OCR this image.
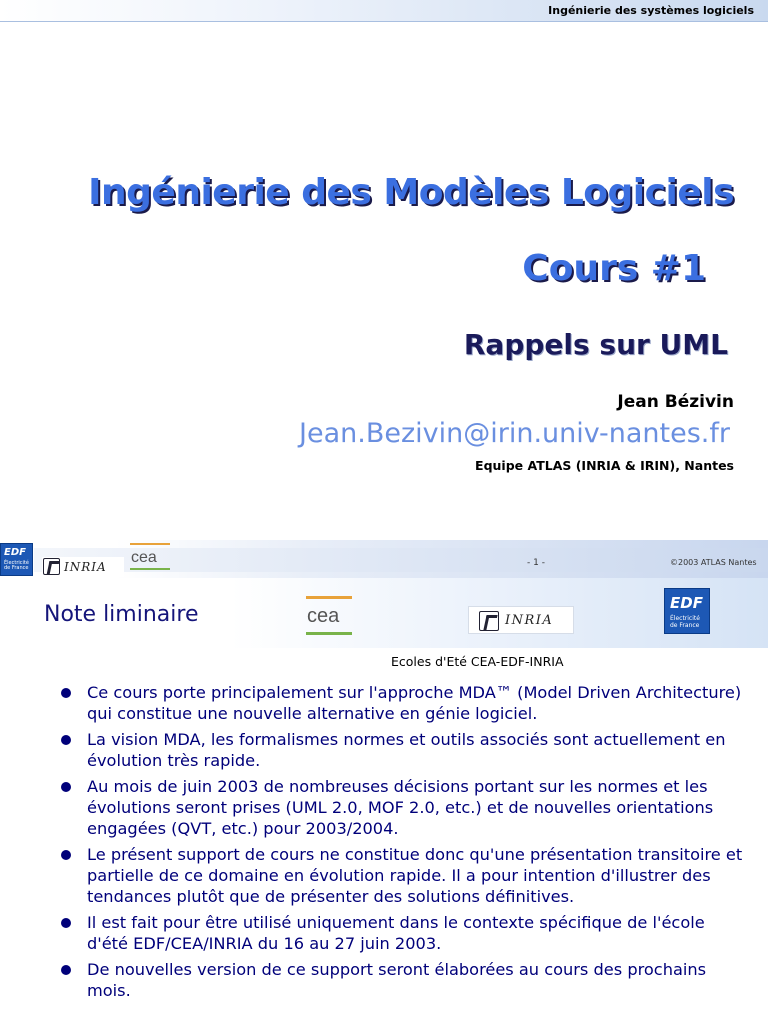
Ingénierie des systèmes logiciels
Ingénierie des Modèles Logiciels
Cours #1
Rappels sur UML
Jean Bézivin
Jean.Bezivin@irin.univ-nantes.fr
Equipe ATLAS (INRIA & IRIN), Nantes
EDF
Électricité de France	INRIA
cea	- 1 -	©2003 ATLAS Nantes
Note liminaire	cea	INRIA
EDF
Électricité de France
Ecoles d'Eté CEA-EDF-INRIA
Ce cours porte principalement sur l'approche MDA™ (Model Driven Architecture) qui constitue une nouvelle alternative en génie logiciel.
La vision MDA, les formalismes normes et outils associés sont actuellement en évolution très rapide.
Au mois de juin 2003 de nombreuses décisions portant sur les normes et les évolutions seront prises (UML 2.0, MOF 2.0, etc.) et de nouvelles orientations engagées (QVT, etc.) pour 2003/2004.
Le présent support de cours ne constitue donc qu'une présentation transitoire et partielle de ce domaine en évolution rapide. Il a pour intention d'illustrer des tendances plutôt que de présenter des solutions définitives.
Il est fait pour être utilisé uniquement dans le contexte spécifique de l'école d'été EDF/CEA/INRIA du 16 au 27 juin 2003.
De nouvelles version de ce support seront élaborées au cours des prochains mois.
